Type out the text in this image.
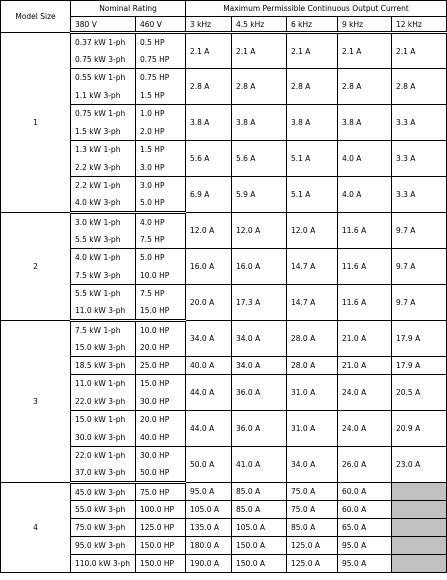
Model Size	Nominal Rating		Maximum Permissible Continuous Output Current				
	380 V	460 V	3 kHz	4.5 kHz	6 kHz	9 kHz	12 kHz
1	0.37 kW 1-ph	0.5 HP	2.1 A	2.1 A	2.1 A	2.1 A	2.1 A
	0.75 kW 3-ph	0.75 HP					
	0.55 kW 1-ph	0.75 HP	2.8 A	2.8 A	2.8 A	2.8 A	2.8 A
	1.1 kW 3-ph	1.5 HP					
	0.75 kW 1-ph	1.0 HP	3.8 A	3.8 A	3.8 A	3.8 A	3.3 A
	1.5 kW 3-ph	2.0 HP					
	1.3 kW 1-ph	1.5 HP	5.6 A	5.6 A	5.1 A	4.0 A	3.3 A
	2.2 kW 3-ph	3.0 HP					
	2.2 kW 1-ph	3.0 HP	6.9 A	5.9 A	5.1 A	4.0 A	3.3 A
	4.0 kW 3-ph	5.0 HP					
2	3.0 kW 1-ph	4.0 HP	12.0 A	12.0 A	12.0 A	11.6 A	9.7 A
	5.5 kW 3-ph	7.5 HP					
	4.0 kW 1-ph	5.0 HP	16.0 A	16.0 A	14.7 A	11.6 A	9.7 A
	7.5 kW 3-ph	10.0 HP					
	5.5 kW 1-ph	7.5 HP	20.0 A	17.3 A	14.7 A	11.6 A	9.7 A
	11.0 kW 3-ph	15.0 HP					
3	7.5 kW 1-ph	10.0 HP	34.0 A	34.0 A	28.0 A	21.0 A	17.9 A
	15.0 kW 3-ph	20.0 HP					
	18.5 kW 3-ph	25.0 HP	40.0 A	34.0 A	28.0 A	21.0 A	17.9 A
	11.0 kW 1-ph	15.0 HP	44.0 A	36.0 A	31.0 A	24.0 A	20.5 A
	22.0 kW 3-ph	30.0 HP					
	15.0 kW 1-ph	20.0 HP	44.0 A	36.0 A	31.0 A	24.0 A	20.9 A
	30.0 kW 3-ph	40.0 HP					
	22.0 kW 1-ph	30.0 HP	50.0 A	41.0 A	34.0 A	26.0 A	23.0 A
	37.0 kW 3-ph	50.0 HP					
4	45.0 kW 3-ph	75.0 HP	95.0 A	85.0 A	75.0 A	60.0 A	
	55.0 kW 3-ph	100.0 HP	105.0 A	85.0 A	75.0 A	60.0 A	
	75.0 kW 3-ph	125.0 HP	135.0 A	105.0 A	85.0 A	65.0 A	
	95.0 kW 3-ph	150.0 HP	180.0 A	150.0 A	125.0 A	95.0 A	
	110.0 kW 3-ph	150.0 HP	190.0 A	150.0 A	125.0 A	95.0 A	
